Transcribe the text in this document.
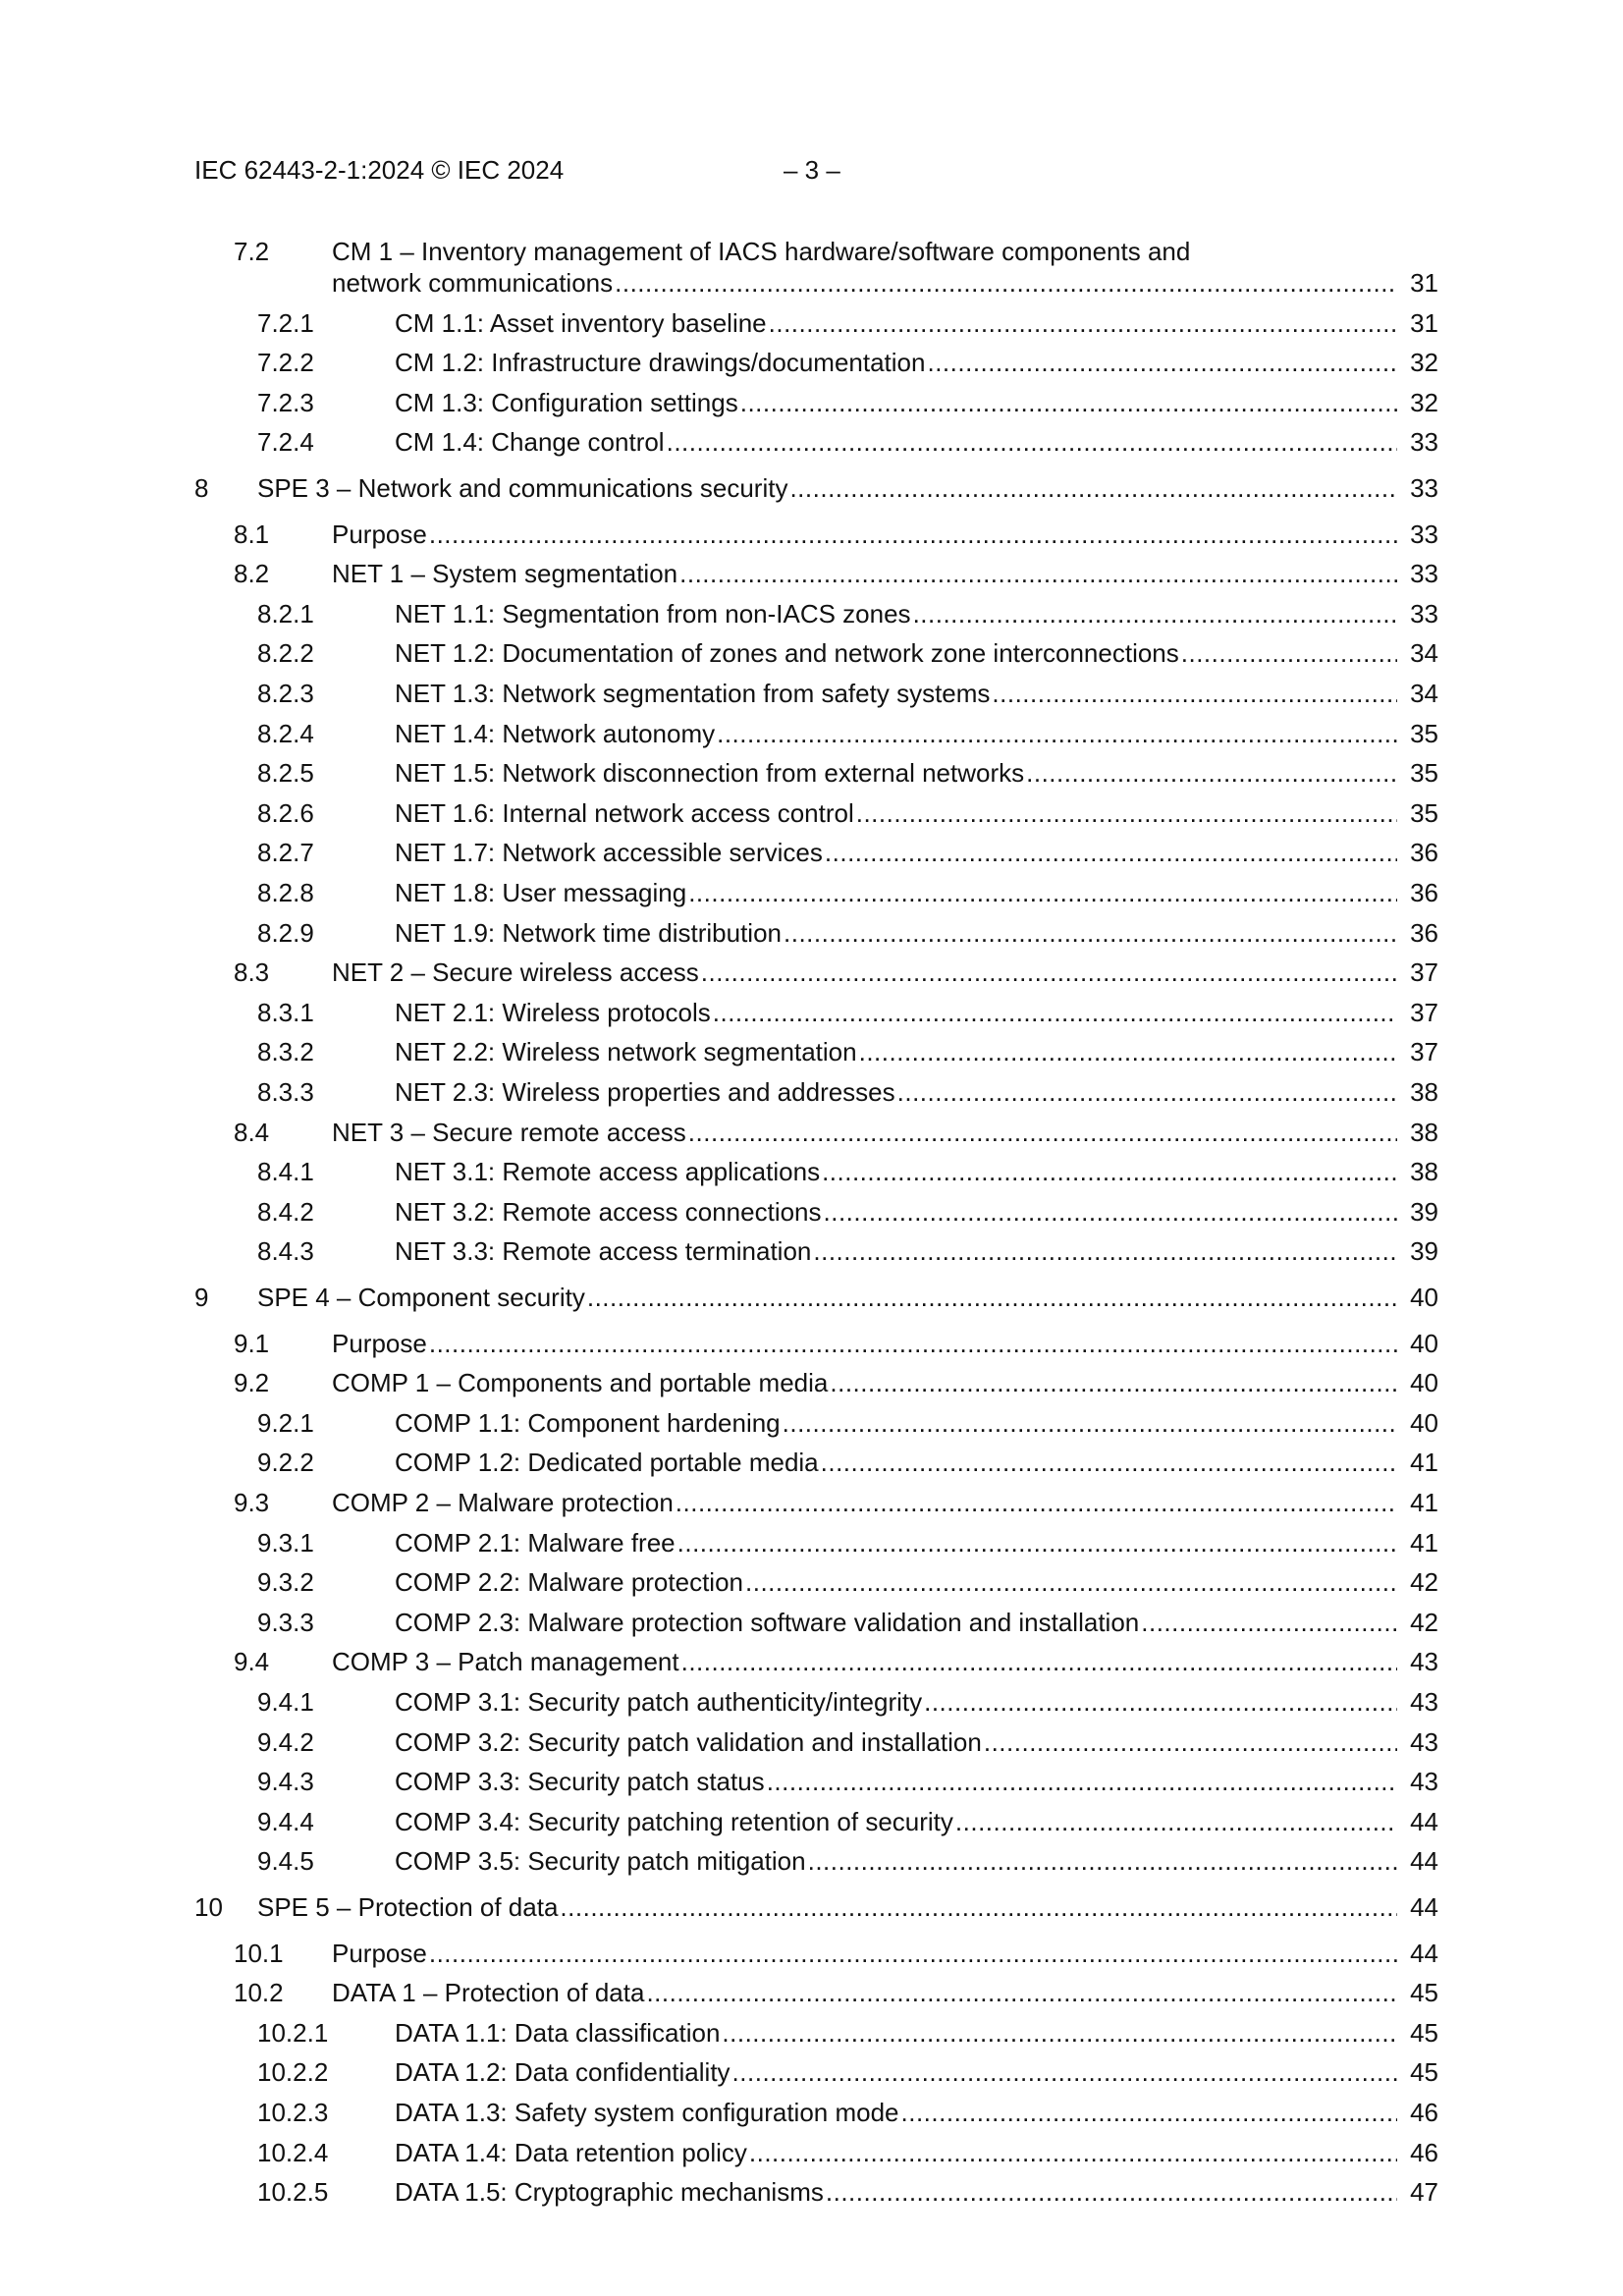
IEC 62443-2-1:2024 © IEC 2024	– 3 –
7.2 CM 1 – Inventory management of IACS hardware/software components and
network communications .....	31
7.2.1	CM 1.1: Asset inventory baseline .....	31
7.2.2	CM 1.2: Infrastructure drawings/documentation .....	32
7.2.3	CM 1.3: Configuration settings .....	32
7.2.4	CM 1.4: Change control .....	33
8 SPE 3 – Network and communications security .....	33
8.1 Purpose .....	33
8.2 NET 1 – System segmentation .....	33
8.2.1	NET 1.1: Segmentation from non-IACS zones .....	33
8.2.2	NET 1.2: Documentation of zones and network zone interconnections .....	34
8.2.3	NET 1.3: Network segmentation from safety systems .....	34
8.2.4	NET 1.4: Network autonomy .....	35
8.2.5	NET 1.5: Network disconnection from external networks .....	35
8.2.6	NET 1.6: Internal network access control .....	35
8.2.7	NET 1.7: Network accessible services .....	36
8.2.8	NET 1.8: User messaging .....	36
8.2.9	NET 1.9: Network time distribution .....	36
8.3 NET 2 – Secure wireless access .....	37
8.3.1	NET 2.1: Wireless protocols .....	37
8.3.2	NET 2.2: Wireless network segmentation .....	37
8.3.3	NET 2.3: Wireless properties and addresses .....	38
8.4 NET 3 – Secure remote access .....	38
8.4.1	NET 3.1: Remote access applications .....	38
8.4.2	NET 3.2: Remote access connections .....	39
8.4.3	NET 3.3: Remote access termination .....	39
9 SPE 4 – Component security .....	40
9.1 Purpose .....	40
9.2 COMP 1 – Components and portable media .....	40
9.2.1	COMP 1.1: Component hardening .....	40
9.2.2	COMP 1.2: Dedicated portable media .....	41
9.3 COMP 2 – Malware protection .....	41
9.3.1	COMP 2.1: Malware free .....	41
9.3.2	COMP 2.2: Malware protection .....	42
9.3.3	COMP 2.3: Malware protection software validation and installation .....	42
9.4 COMP 3 – Patch management .....	43
9.4.1	COMP 3.1: Security patch authenticity/integrity .....	43
9.4.2	COMP 3.2: Security patch validation and installation .....	43
9.4.3	COMP 3.3: Security patch status .....	43
9.4.4	COMP 3.4: Security patching retention of security .....	44
9.4.5	COMP 3.5: Security patch mitigation .....	44
10 SPE 5 – Protection of data .....	44
10.1 Purpose .....	44
10.2 DATA 1 – Protection of data .....	45
10.2.1	DATA 1.1: Data classification .....	45
10.2.2	DATA 1.2: Data confidentiality .....	45
10.2.3	DATA 1.3: Safety system configuration mode .....	46
10.2.4	DATA 1.4: Data retention policy .....	46
10.2.5	DATA 1.5: Cryptographic mechanisms .....	47
